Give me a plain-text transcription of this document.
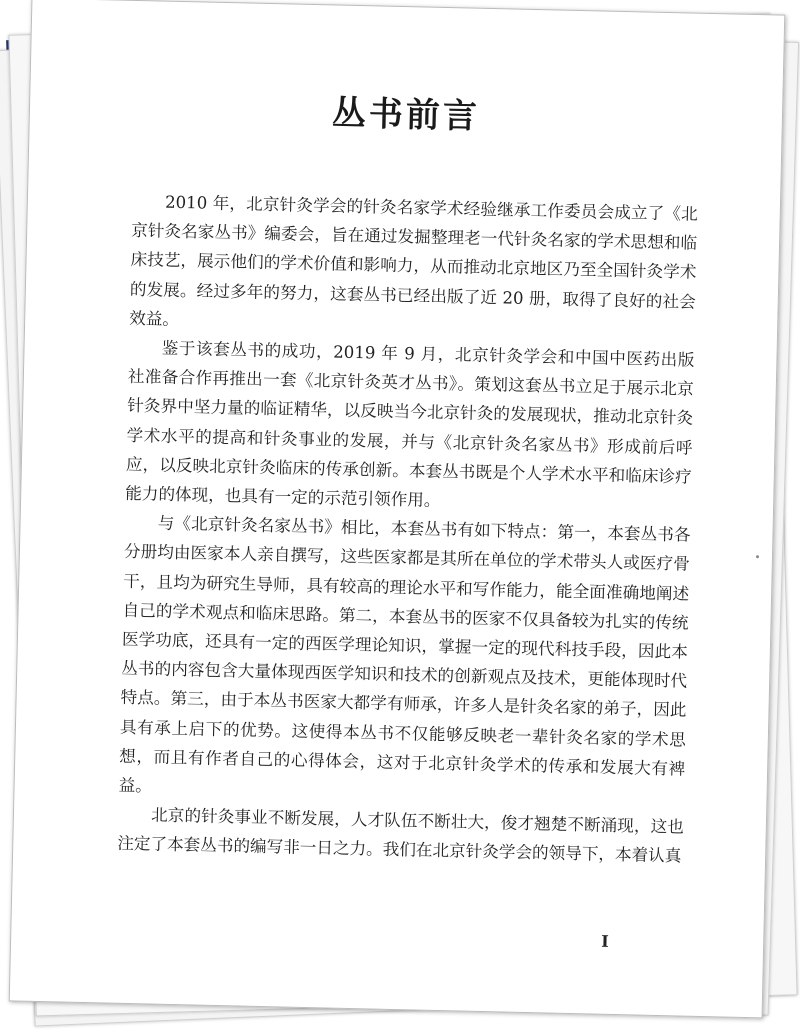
丛书前言

2010 年，北京针灸学会的针灸名家学术经验继承工作委员会成立了《北京针灸名家丛书》编委会，旨在通过发掘整理老一代针灸名家的学术思想和临床技艺，展示他们的学术价值和影响力，从而推动北京地区乃至全国针灸学术的发展。经过多年的努力，这套丛书已经出版了近 20 册，取得了良好的社会效益。

鉴于该套丛书的成功，2019 年 9 月，北京针灸学会和中国中医药出版社准备合作再推出一套《北京针灸英才丛书》。策划这套丛书立足于展示北京针灸界中坚力量的临证精华，以反映当今北京针灸的发展现状，推动北京针灸学术水平的提高和针灸事业的发展，并与《北京针灸名家丛书》形成前后呼应，以反映北京针灸临床的传承创新。本套丛书既是个人学术水平和临床诊疗能力的体现，也具有一定的示范引领作用。

与《北京针灸名家丛书》相比，本套丛书有如下特点：第一，本套丛书各分册均由医家本人亲自撰写，这些医家都是其所在单位的学术带头人或医疗骨干，且均为研究生导师，具有较高的理论水平和写作能力，能全面准确地阐述自己的学术观点和临床思路。第二，本套丛书的医家不仅具备较为扎实的传统医学功底，还具有一定的西医学理论知识，掌握一定的现代科技手段，因此本丛书的内容包含大量体现西医学知识和技术的创新观点及技术，更能体现时代特点。第三，由于本丛书医家大都学有师承，许多人是针灸名家的弟子，因此具有承上启下的优势。这使得本丛书不仅能够反映老一辈针灸名家的学术思想，而且有作者自己的心得体会，这对于北京针灸学术的传承和发展大有裨益。

北京的针灸事业不断发展，人才队伍不断壮大，俊才翘楚不断涌现，这也注定了本套丛书的编写非一日之力。我们在北京针灸学会的领导下，本着认真

I
